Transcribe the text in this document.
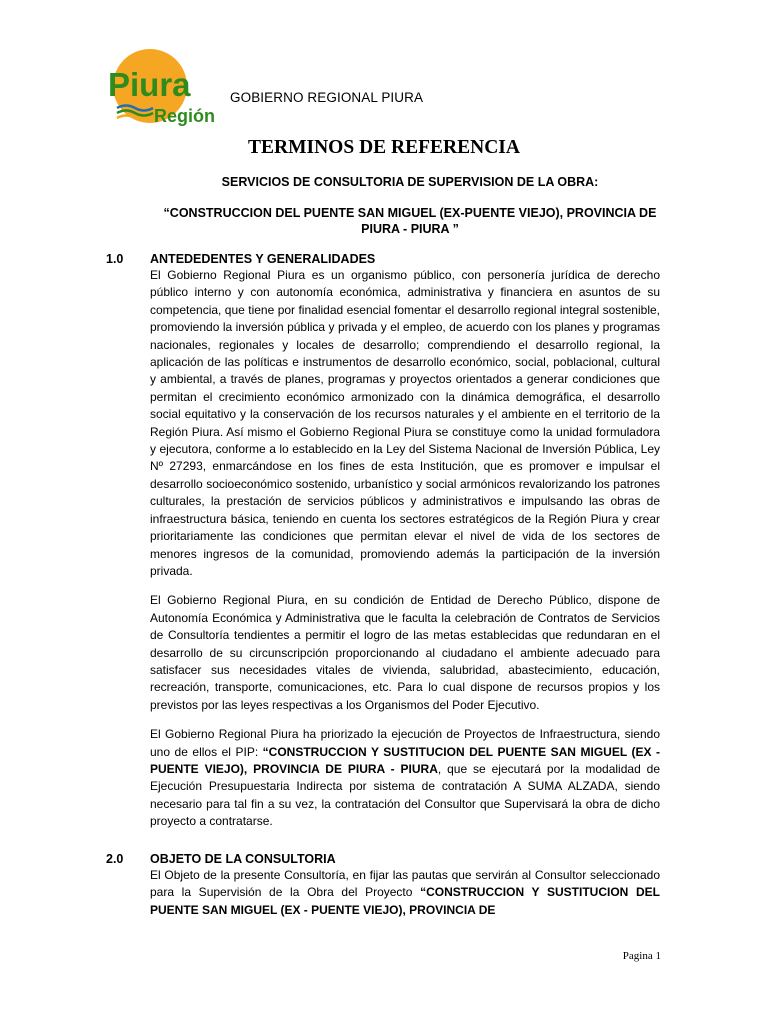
Piura
Región
GOBIERNO REGIONAL PIURA
TERMINOS DE REFERENCIA
SERVICIOS DE CONSULTORIA DE SUPERVISION DE LA OBRA:
“CONSTRUCCION DEL PUENTE SAN MIGUEL (EX-PUENTE VIEJO), PROVINCIA DE PIURA - PIURA ”
1.0 ANTEDEDENTES Y GENERALIDADES

El Gobierno Regional Piura es un organismo público, con personería jurídica de derecho público interno y con autonomía económica, administrativa y financiera en asuntos de su competencia, que tiene por finalidad esencial fomentar el desarrollo regional integral sostenible, promoviendo la inversión pública y privada y el empleo, de acuerdo con los planes y programas nacionales, regionales y locales de desarrollo; comprendiendo el desarrollo regional, la aplicación de las políticas e instrumentos de desarrollo económico, social, poblacional, cultural y ambiental, a través de planes, programas y proyectos orientados a generar condiciones que permitan el crecimiento económico armonizado con la dinámica demográfica, el desarrollo social equitativo y la conservación de los recursos naturales y el ambiente en el territorio de la Región Piura. Así mismo el Gobierno Regional Piura se constituye como la unidad formuladora y ejecutora, conforme a lo establecido en la Ley del Sistema Nacional de Inversión Pública, Ley Nº 27293, enmarcándose en los fines de esta Institución, que es promover e impulsar el desarrollo socioeconómico sostenido, urbanístico y social armónicos revalorizando los patrones culturales, la prestación de servicios públicos y administrativos e impulsando las obras de infraestructura básica, teniendo en cuenta los sectores estratégicos de la Región Piura y crear prioritariamente las condiciones que permitan elevar el nivel de vida de los sectores de menores ingresos de la comunidad, promoviendo además la participación de la inversión privada.

El Gobierno Regional Piura, en su condición de Entidad de Derecho Público, dispone de Autonomía Económica y Administrativa que le faculta la celebración de Contratos de Servicios de Consultoría tendientes a permitir el logro de las metas establecidas que redundaran en el desarrollo de su circunscripción proporcionando al ciudadano el ambiente adecuado para satisfacer sus necesidades vitales de vivienda, salubridad, abastecimiento, educación, recreación, transporte, comunicaciones, etc. Para lo cual dispone de recursos propios y los previstos por las leyes respectivas a los Organismos del Poder Ejecutivo.

El Gobierno Regional Piura ha priorizado la ejecución de Proyectos de Infraestructura, siendo uno de ellos el PIP: “CONSTRUCCION Y SUSTITUCION DEL PUENTE SAN MIGUEL (EX - PUENTE VIEJO), PROVINCIA DE PIURA - PIURA, que se ejecutará por la modalidad de Ejecución Presupuestaria Indirecta por sistema de contratación A SUMA ALZADA, siendo necesario para tal fin a su vez, la contratación del Consultor que Supervisará la obra de dicho proyecto a contratarse.

2.0 OBJETO DE LA CONSULTORIA

El Objeto de la presente Consultoría, en fijar las pautas que servirán al Consultor seleccionado para la Supervisión de la Obra del Proyecto “CONSTRUCCION Y SUSTITUCION DEL PUENTE SAN MIGUEL (EX - PUENTE VIEJO), PROVINCIA DE

Pagina 1
